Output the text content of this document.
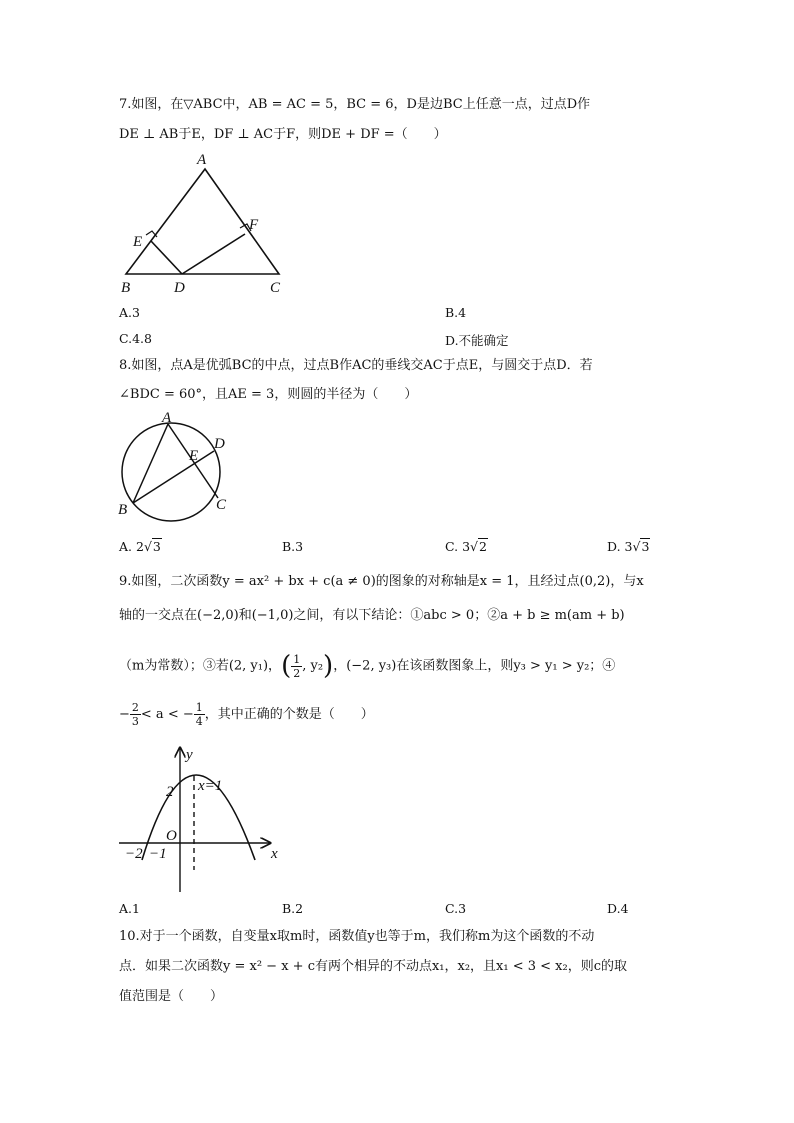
7.如图，在▽ABC中，AB = AC = 5，BC = 6，D是边BC上任意一点，过点D作
DE ⊥ AB于E，DF ⊥ AC于F，则DE + DF =（　　）
A
E
F
B	D	C
A.3	B.4
C.4.8	D.不能确定
8.如图，点A是优弧BC的中点，过点B作AC的垂线交AC于点E，与圆交于点D．若
∠BDC = 60°，且AE = 3，则圆的半径为（　　）
A
E
D
C
B
A. 2√3	B.3	C. 3√2	D. 3√3
9.如图，二次函数y = ax² + bx + c(a ≠ 0)的图象的对称轴是x = 1，且经过点(0,2)，与x
轴的一交点在(−2,0)和(−1,0)之间，有以下结论：①abc > 0；②a + b ≥ m(am + b)
（m为常数）；③若(2, y₁)，( $\frac{1}{2}$ , y₂)，(−2, y₃)在该函数图象上，则y₃ > y₁ > y₂；④
− $\frac{2}{3} < a$ < − $\frac{1}{4}$ ，其中正确的个数是（　　）
y
x=1
2
O
−2 −1	x
A.1	B.2	C.3	D.4
10.对于一个函数，自变量x取m时，函数值y也等于m，我们称m为这个函数的不动
点．如果二次函数y = x² − x + c有两个相异的不动点x₁，x₂，且x₁ < 3 < x₂，则c的取
值范围是（　　）
